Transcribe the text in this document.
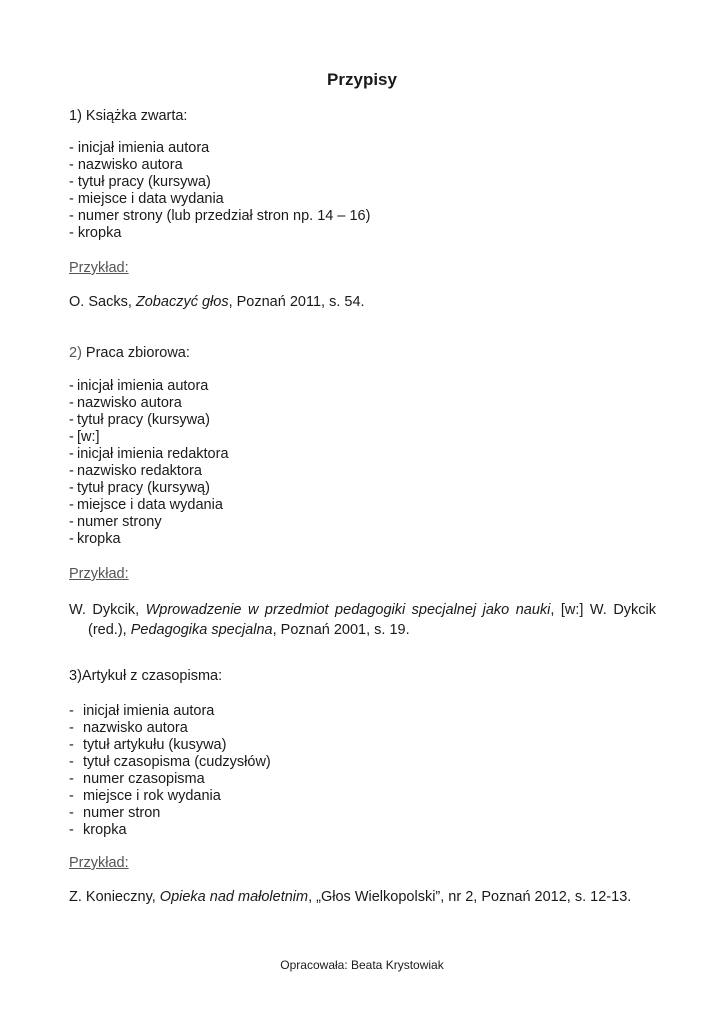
Przypisy
1) Książka zwarta:
- inicjał imienia autora
- nazwisko autora
- tytuł pracy (kursywa)
- miejsce i data wydania
- numer strony (lub przedział stron np. 14 – 16)
- kropka
Przykład:
O. Sacks, Zobaczyć głos, Poznań 2011, s. 54.
2) Praca zbiorowa:
- inicjał imienia autora
- nazwisko autora
- tytuł pracy (kursywa)
- [w:]
- inicjał imienia redaktora
- nazwisko redaktora
- tytuł pracy (kursywą)
- miejsce i data wydania
- numer strony
- kropka
Przykład:
W. Dykcik, Wprowadzenie w przedmiot pedagogiki specjalnej jako nauki, [w:] W. Dykcik
(red.), Pedagogika specjalna, Poznań 2001, s. 19.
3)Artykuł z czasopisma:
- inicjał imienia autora
- nazwisko autora
- tytuł artykułu (kusywa)
- tytuł czasopisma (cudzysłów)
- numer czasopisma
- miejsce i rok wydania
- numer stron
- kropka
Przykład:
Z. Konieczny, Opieka nad małoletnim, „Głos Wielkopolski”, nr 2, Poznań 2012, s. 12-13.
Opracowała: Beata Krystowiak
